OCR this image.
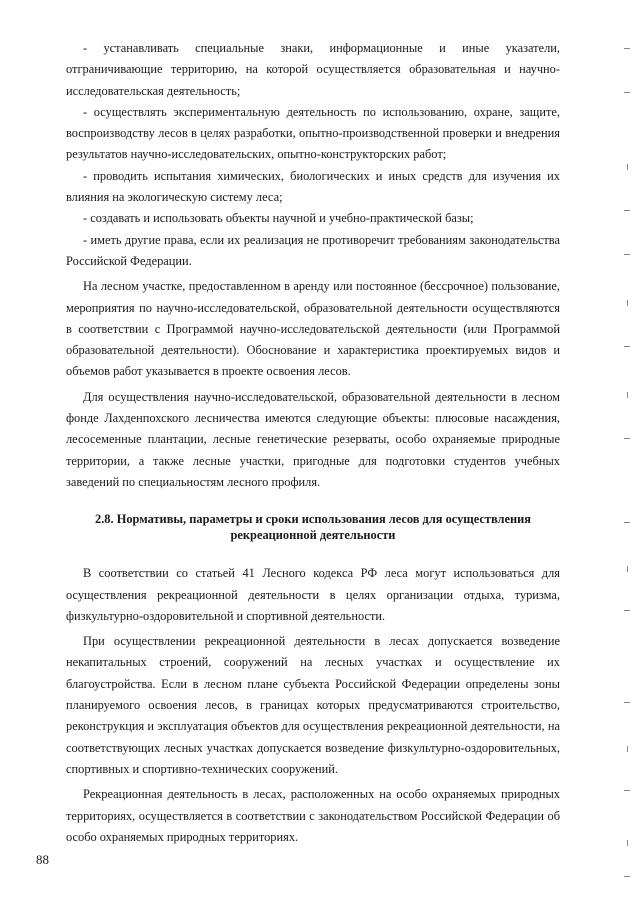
- устанавливать специальные знаки, информационные и иные указатели, отграничивающие территорию, на которой осуществляется образовательная и научно-исследовательская деятельность;

- осуществлять экспериментальную деятельность по использованию, охране, защите, воспроизводству лесов в целях разработки, опытно-производственной проверки и внедрения результатов научно-исследовательских, опытно-конструкторских работ;

- проводить испытания химических, биологических и иных средств для изучения их влияния на экологическую систему леса;

- создавать и использовать объекты научной и учебно-практической базы;

- иметь другие права, если их реализация не противоречит требованиям законодательства Российской Федерации.

На лесном участке, предоставленном в аренду или постоянное (бессрочное) пользование, мероприятия по научно-исследовательской, образовательной деятельности осуществляются в соответствии с Программой научно-исследовательской деятельности (или Программой образовательной деятельности). Обоснование и характеристика проектируемых видов и объемов работ указывается в проекте освоения лесов.

Для осуществления научно-исследовательской, образовательной деятельности в лесном фонде Лахденпохского лесничества имеются следующие объекты: плюсовые насаждения, лесосеменные плантации, лесные генетические резерваты, особо охраняемые природные территории, а также лесные участки, пригодные для подготовки студентов учебных заведений по специальностям лесного профиля.

2.8. Нормативы, параметры и сроки использования лесов для осуществления рекреационной деятельности

В соответствии со статьей 41 Лесного кодекса РФ леса могут использоваться для осуществления рекреационной деятельности в целях организации отдыха, туризма, физкультурно-оздоровительной и спортивной деятельности.

При осуществлении рекреационной деятельности в лесах допускается возведение некапитальных строений, сооружений на лесных участках и осуществление их благоустройства. Если в лесном плане субъекта Российской Федерации определены зоны планируемого освоения лесов, в границах которых предусматриваются строительство, реконструкция и эксплуатация объектов для осуществления рекреационной деятельности, на соответствующих лесных участках допускается возведение физкультурно-оздоровительных, спортивных и спортивно-технических сооружений.

Рекреационная деятельность в лесах, расположенных на особо охраняемых природных территориях, осуществляется в соответствии с законодательством Российской Федерации об особо охраняемых природных территориях.

88
